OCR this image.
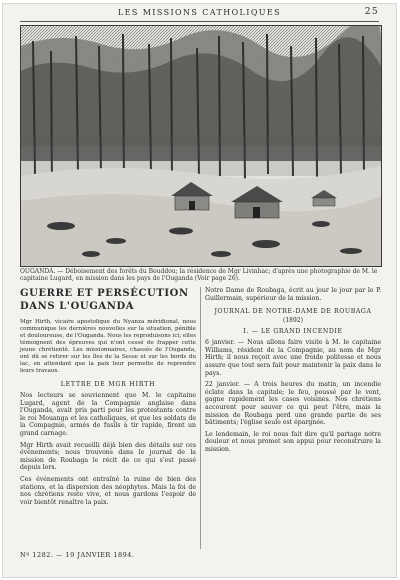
LES MISSIONS CATHOLIQUES	25
OUGANDA. — Déboisement des forêts du Bouddou; la résidence de Mgr Livinhac; d'après une photographie de M. le capitaine Lugard, en mission dans les pays de l'Ouganda (Voir page 26).
GUERRE ET PERSÉCUTION DANS L'OUGANDA

Mgr Hirth, vicaire apostolique du Nyanza méridional, nous communique les dernières nouvelles sur la situation, pénible et douloureuse, de l'Ouganda. Nous les reproduisons ici; elles témoignent des épreuves qui n'ont cessé de frapper cette jeune chrétienté. Les missionnaires, chassés de l'Ouganda, ont dû se retirer sur les îles de la Sesse et sur les bords du lac, en attendant que la paix leur permette de reprendre leurs travaux.

LETTRE DE MGR HIRTH

Nos lecteurs se souviennent que M. le capitaine Lugard, agent de la Compagnie anglaise dans l'Ouganda, avait pris parti pour les protestants contre le roi Mouanga et les catholiques, et que les soldats de la Compagnie, armés de fusils à tir rapide, firent un grand carnage.

Mgr Hirth avait recueilli déjà bien des détails sur ces événements; nous trouvons dans le journal de la mission de Roubaga le récit de ce qui s'est passé depuis lors.

Ces événements ont entraîné la ruine de bien des stations, et la dispersion des néophytes. Mais la foi de nos chrétiens reste vive, et nous gardons l'espoir de voir bientôt renaître la paix.

Notre Dame de Roubaga, écrit au jour le jour par le P. Guillermain, supérieur de la mission.

JOURNAL DE NOTRE-DAME DE ROUBAGA
(1892)
I. — LE GRAND INCENDIE

6 janvier. — Nous allons faire visite à M. le capitaine Williams, résident de la Compagnie, au nom de Mgr Hirth; il nous reçoit avec une froide politesse et nous assure que tout sera fait pour maintenir la paix dans le pays.

22 janvier. — A trois heures du matin, un incendie éclate dans la capitale; le feu, poussé par le vent, gagne rapidement les cases voisines. Nos chrétiens accourent pour sauver ce qui peut l'être, mais la mission de Roubaga perd une grande partie de ses bâtiments; l'église seule est épargnée.

Le lendemain, le roi nous fait dire qu'il partage notre douleur et nous promet son appui pour reconstruire la mission.

Nº 1282. — 19 JANVIER 1894.
